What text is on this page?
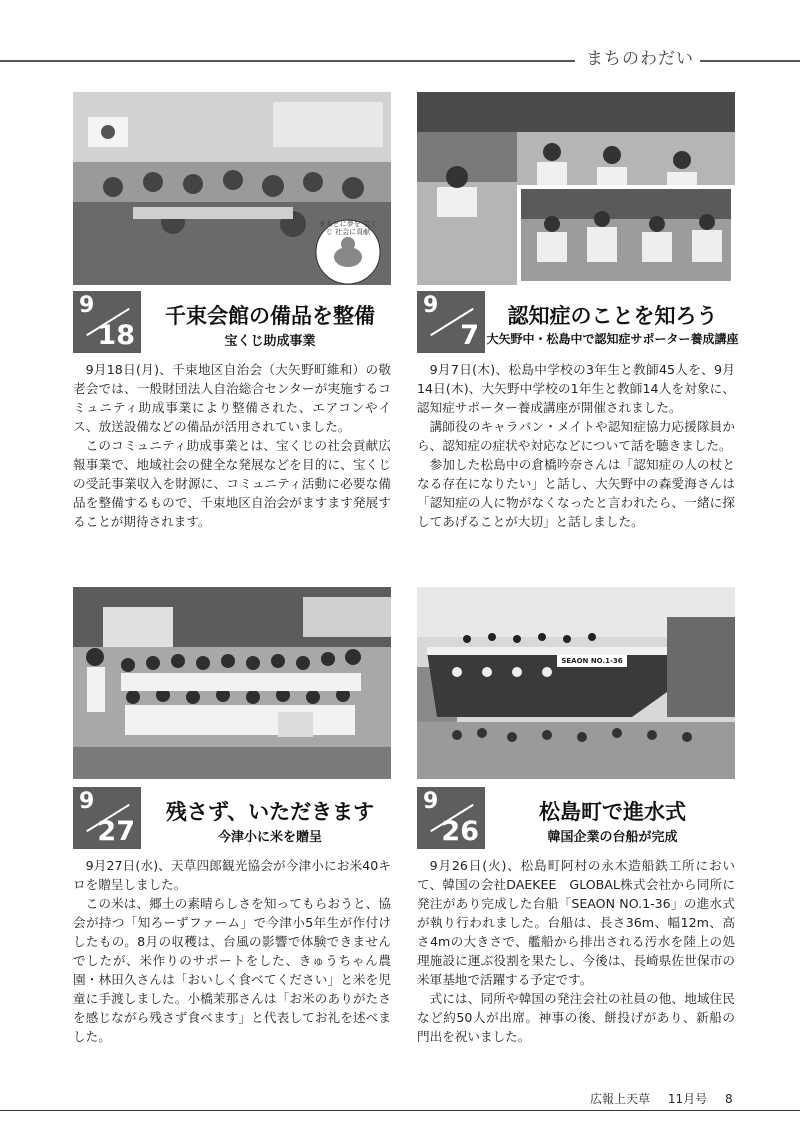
まちのわだい
まちとに夢を 宝くじ 社会に貢献
9
18
千束会館の備品を整備
宝くじ助成事業

9月18日(月)、千束地区自治会（大矢野町維和）の敬老会では、一般財団法人自治総合センターが実施するコミュニティ助成事業により整備された、エアコンやイス、放送設備などの備品が活用されていました。

このコミュニティ助成事業とは、宝くじの社会貢献広報事業で、地域社会の健全な発展などを目的に、宝くじの受託事業収入を財源に、コミュニティ活動に必要な備品を整備するもので、千束地区自治会がますます発展することが期待されます。

9
7
認知症のことを知ろう
大矢野中・松島中で認知症サポーター養成講座

9月7日(木)、松島中学校の3年生と教師45人を、9月14日(木)、大矢野中学校の1年生と教師14人を対象に、認知症サポーター養成講座が開催されました。

講師役のキャラバン・メイトや認知症協力応援隊員から、認知症の症状や対応などについて話を聴きました。

参加した松島中の倉橋吟奈さんは「認知症の人の杖となる存在になりたい」と話し、大矢野中の森愛海さんは「認知症の人に物がなくなったと言われたら、一緒に探してあげることが大切」と話しました。

9
27
残さず、いただきます
今津小に米を贈呈

9月27日(水)、天草四郎観光協会が今津小にお米40キロを贈呈しました。

この米は、郷土の素晴らしさを知ってもらおうと、協会が持つ「知ろーずファーム」で今津小5年生が作付けしたもの。8月の収穫は、台風の影響で体験できませんでしたが、米作りのサポートをした、きゅうちゃん農園・林田久さんは「おいしく食べてください」と米を児童に手渡しました。小橋茉那さんは「お米のありがたさを感じながら残さず食べます」と代表してお礼を述べました。

SEAON NO.1-36
9
26
松島町で進水式
韓国企業の台船が完成

9月26日(火)、松島町阿村の永木造船鉄工所において、韓国の会社DAEKEE　GLOBAL株式会社から同所に発注があり完成した台船「SEAON NO.1-36」の進水式が執り行われました。台船は、長さ36m、幅12m、高さ4mの大きさで、艦船から排出される汚水を陸上の処理施設に運ぶ役割を果たし、今後は、長崎県佐世保市の米軍基地で活躍する予定です。

式には、同所や韓国の発注会社の社員の他、地域住民など約50人が出席。神事の後、餅投げがあり、新船の門出を祝いました。

広報上天草 11月号 8
